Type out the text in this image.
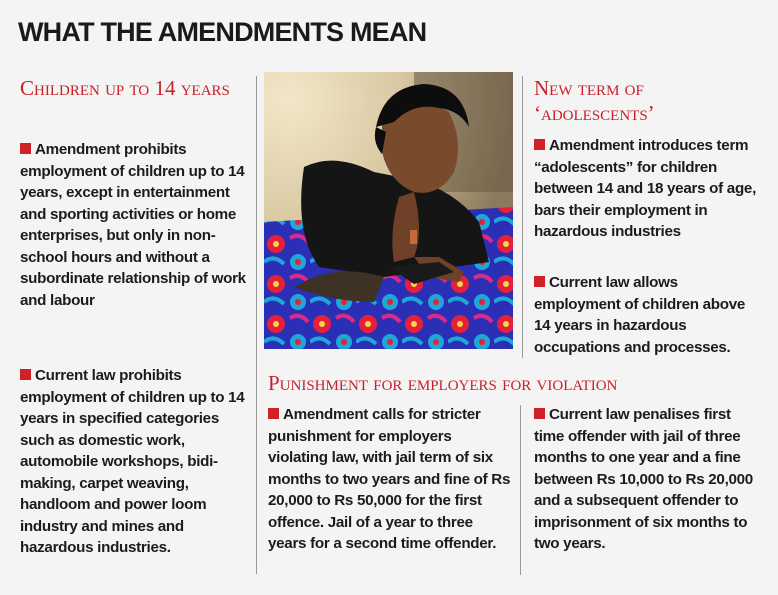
WHAT THE AMENDMENTS MEAN
Children up to 14 years
Amendment prohibits employment of children up to 14 years, except in entertainment and sporting activities or home enterprises, but only in non-school hours and without a subordinate relationship of work and labour
Current law prohibits employment of children up to 14 years in specified categories such as domestic work, automobile workshops, bidi-making, carpet weaving, handloom and power loom industry and mines and hazardous industries.
New term of ‘adolescents’
Amendment introduces term “adolescents” for children between 14 and 18 years of age, bars their employment in hazardous industries
Current law allows employment of children above 14 years in hazardous occupations and processes.
Punishment for employers for violation
Amendment calls for stricter punishment for employers violating law, with jail term of six months to two years and fine of Rs 20,000 to Rs 50,000 for the first offence. Jail of a year to three years for a second time offender.
Current law penalises first time offender with jail of three months to one year and a fine between Rs 10,000 to Rs 20,000 and a subsequent offender to imprisonment of six months to two years.
